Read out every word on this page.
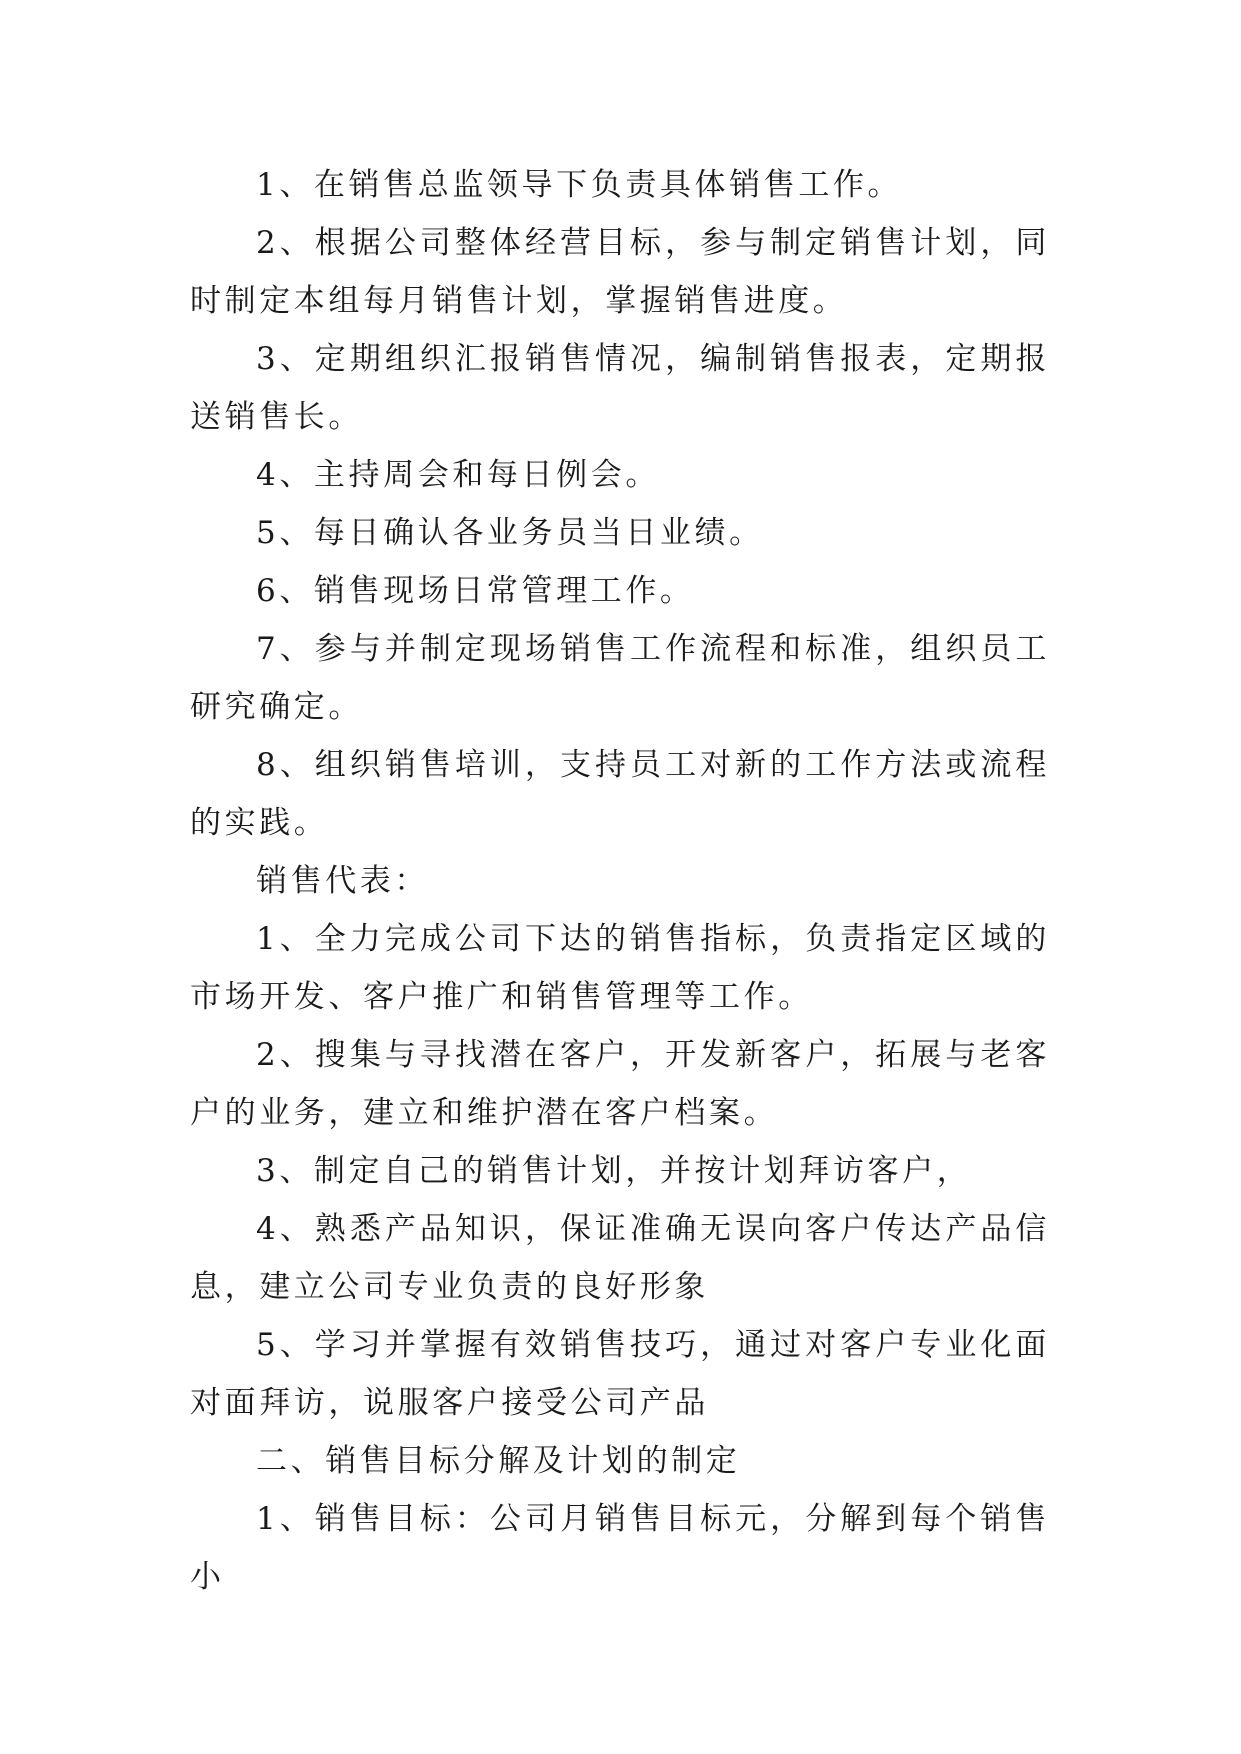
1、在销售总监领导下负责具体销售工作。

2、根据公司整体经营目标，参与制定销售计划，同时制定本组每月销售计划，掌握销售进度。

3、定期组织汇报销售情况，编制销售报表，定期报送销售长。

4、主持周会和每日例会。

5、每日确认各业务员当日业绩。

6、销售现场日常管理工作。

7、参与并制定现场销售工作流程和标准，组织员工研究确定。

8、组织销售培训，支持员工对新的工作方法或流程的实践。

销售代表：

1、全力完成公司下达的销售指标，负责指定区域的市场开发、客户推广和销售管理等工作。

2、搜集与寻找潜在客户，开发新客户，拓展与老客户的业务，建立和维护潜在客户档案。

3、制定自己的销售计划，并按计划拜访客户，

4、熟悉产品知识，保证准确无误向客户传达产品信息，建立公司专业负责的良好形象

5、学习并掌握有效销售技巧，通过对客户专业化面对面拜访，说服客户接受公司产品

二、销售目标分解及计划的制定

1、销售目标：公司月销售目标元，分解到每个销售小
